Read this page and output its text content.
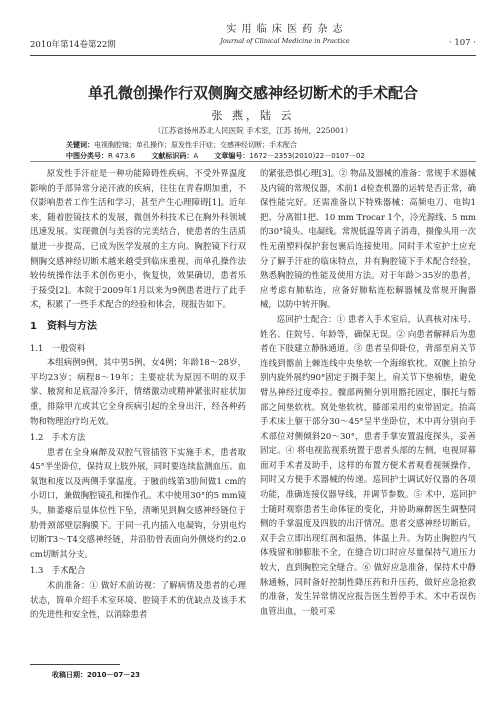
2010年第14卷第22期
实 用 临 床 医 药 杂 志
Journal of Clinical Medicine in Practice	· 107 ·
单孔微创操作行双侧胸交感神经切断术的手术配合
张 燕，陆 云
（江苏省扬州苏北人民医院 手术室，江苏 扬州，225001）
关键词：电视胸腔镜；单孔操作；原发性手汗症；交感神经切断；手术配合
中图分类号：R 473.6    文献标识码：A    文章编号：1672－2353(2010)22－0107－02

原发性手汗症是一种功能障碍性疾病，不受外界温度影响的手部异常分泌汗液的疾病，往往在青春期加重，不仅影响患者工作生活和学习，甚至产生心理障碍[1]。近年来，随着腔镜技术的发展，微创外科技术已在胸外科领域迅速发展。实现微创与美容的完美结合，使患者的生活质量进一步提高，已成为医学发展的主方向。胸腔镜下行双侧胸交感神经切断术越来越受到临床重视，而单孔操作法较传统操作法手术创伤更小，恢复快，效果确切，患者乐于接受[2]。本院于2009年1月以来为9例患者进行了此手术，积累了一些手术配合的经验和体会，现报告如下。

1　资料与方法
1.1　一般资料

本组病例9例，其中男5例，女4例；年龄18～28岁，平均23岁；病程8～19年；主要症状为原因不明的双手掌、腋窝和足底湿冷多汗，情绪激动或精神紧张时症状加重，排除甲亢或其它全身疾病引起的全身出汗，经各种药物和物理治疗均无效。

1.2　手术方法

患者在全身麻醉及双腔气管插管下实施手术，患者取45°半坐卧位，保持双上肢外展，同时要连续监测血压、血氧饱和度以及两侧手掌温度。于腋前线第3肋间做1 cm的小切口，兼做胸腔镜孔和操作孔。术中使用30°的5 mm镜头，肺萎瘪后显体位性下坠，清晰见到胸交感神经链位于肋骨颈部壁层胸膜下。于同一孔内插入电凝钩，分别电灼切断T3～T4交感神经链，并沿肋骨表面向外侧烧灼约2.0 cm切断其分支。

1.3　手术配合

术前准备：① 做好术前访视：了解病情及患者的心理状态，简单介绍手术室环境、腔镜手术的优缺点及该手术的先进性和安全性，以消除患者

的紧张恐惧心理[3]。② 物品及器械的准备：常规手术器械及内镜的常规仪器，术前1 d检查机器的运转是否正常，确保性能完好。还需准备以下特殊器械：高频电刀、电钩1把、分离钳1把、10 mm Trocar 1个，冷光源线、5 mm的30°镜头、电凝线。常规低温等离子消毒，摄像头用一次性无菌塑料保护套包裹后连接使用。同时手术室护士应充分了解手汗症的临床特点，并有胸腔镜下手术配合经验，熟悉胸腔镜的性能及使用方法。对于年龄＞35岁的患者，应考虑有肺粘连，应备好肺粘连松解器械及常规开胸器械，以防中转开胸。

巡回护士配合：① 患者入手术室后，认真核对床号、姓名、住院号、年龄等，确保无误。② 向患者解释后为患者在下肢建立静脉通道。③ 患者呈仰卧位，背部至肩关节连线到髂前上棘连线中央垫软一个海绵软枕。双腕上抬分别内旋外展约90°固定于搁手架上，肩关节下垫棉垫，避免臂丛神经过度牵拉。髋部两侧分别用髂托固定，腘托与髂部之间垫软枕。窝处垫软枕，膝部采用约束带固定。抬高手术床上躯干部分30～45°呈半坐卧位，术中再分别向手术部位对侧倾斜20～30°，患者手掌安置温度探头，妥善固定。④ 将电视监视系统置于患者头部的左侧，电视屏幕面对手术者及助手，这样的布置方便术者观看视频操作，同时又方便手术器械的传递。巡回护士调试好仪器的各项功能，准确连接仪器导线，并调节参数。⑤ 术中，巡回护士随时观察患者生命体征的变化，并协助麻醉医生调整同侧的手掌温度及四肢的出汗情况。患者交感神经切断后，双手会立即出现红润和温热，体温上升。为防止胸腔内气体残留和肺膨胀不全，在缝合切口时应尽量保持气道压力较大，直到胸腔完全缝合。⑥ 做好应急准备，保持术中静脉通畅，同时备好控制性降压药和升压药，做好应急抢救的准备，发生异常情况应报告医生暂停手术。术中若误伤血管出血，一般可采

收稿日期：2010－07－23
